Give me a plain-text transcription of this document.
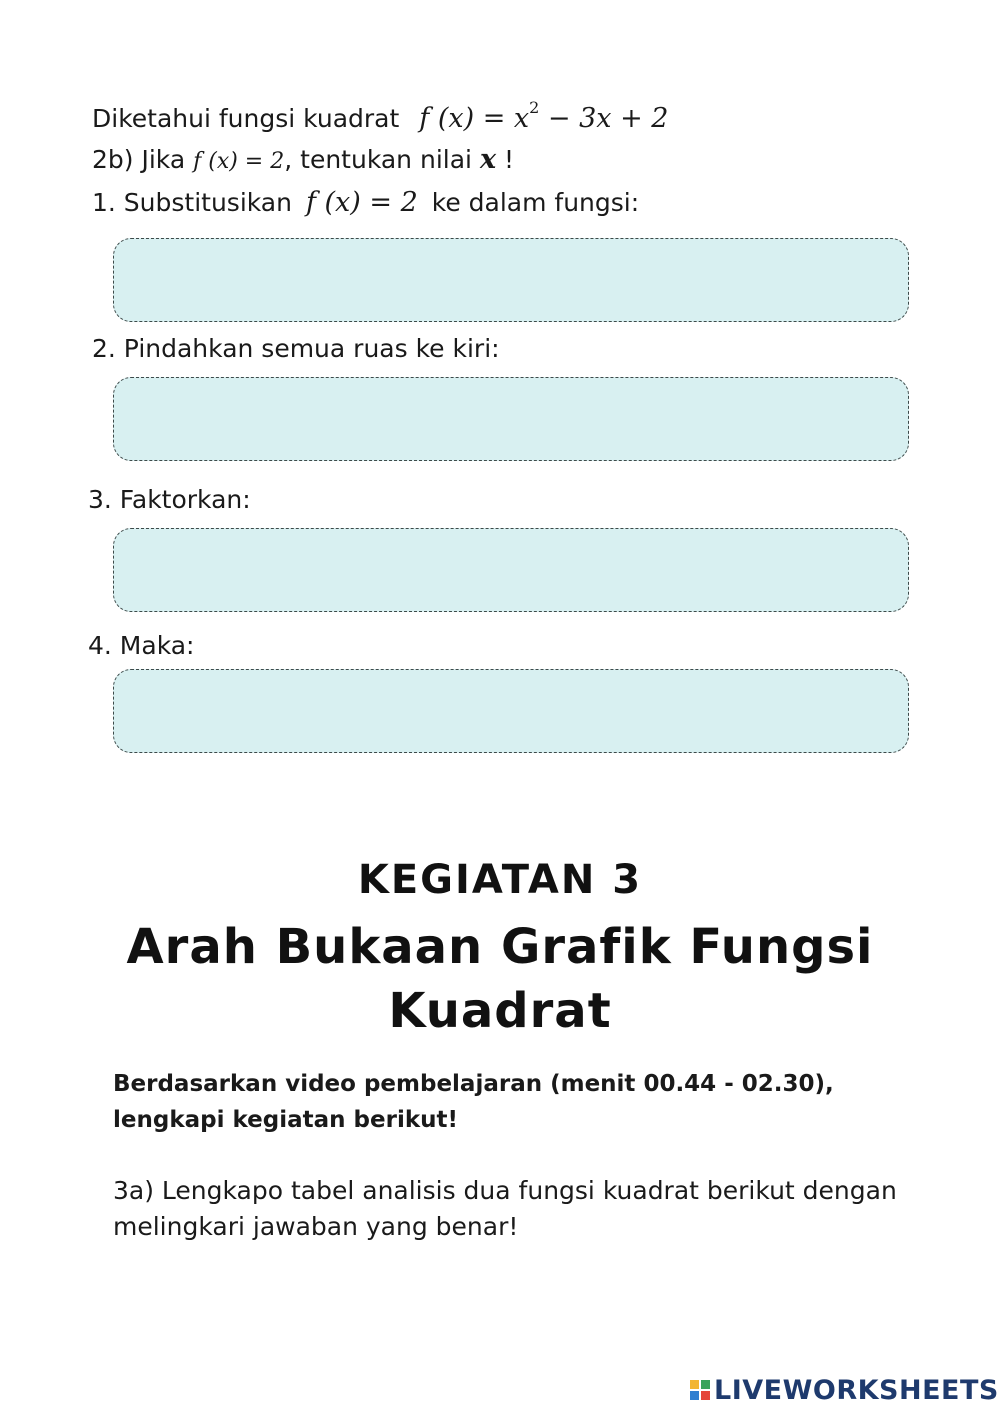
Diketahui fungsi kuadrat f $(x) = x^2 - 3x + 2$
2b) Jika f (x) = 2, tentukan nilai x !
1. Substitusikan f (x) = 2 ke dalam fungsi:
2. Pindahkan semua ruas ke kiri:
3. Faktorkan:
4. Maka:
KEGIATAN 3
Arah Bukaan Grafik Fungsi Kuadrat
Berdasarkan video pembelajaran (menit 00.44 - 02.30), lengkapi kegiatan berikut!
3a) Lengkapo tabel analisis dua fungsi kuadrat berikut dengan melingkari jawaban yang benar!
LIVEWORKSHEETS
